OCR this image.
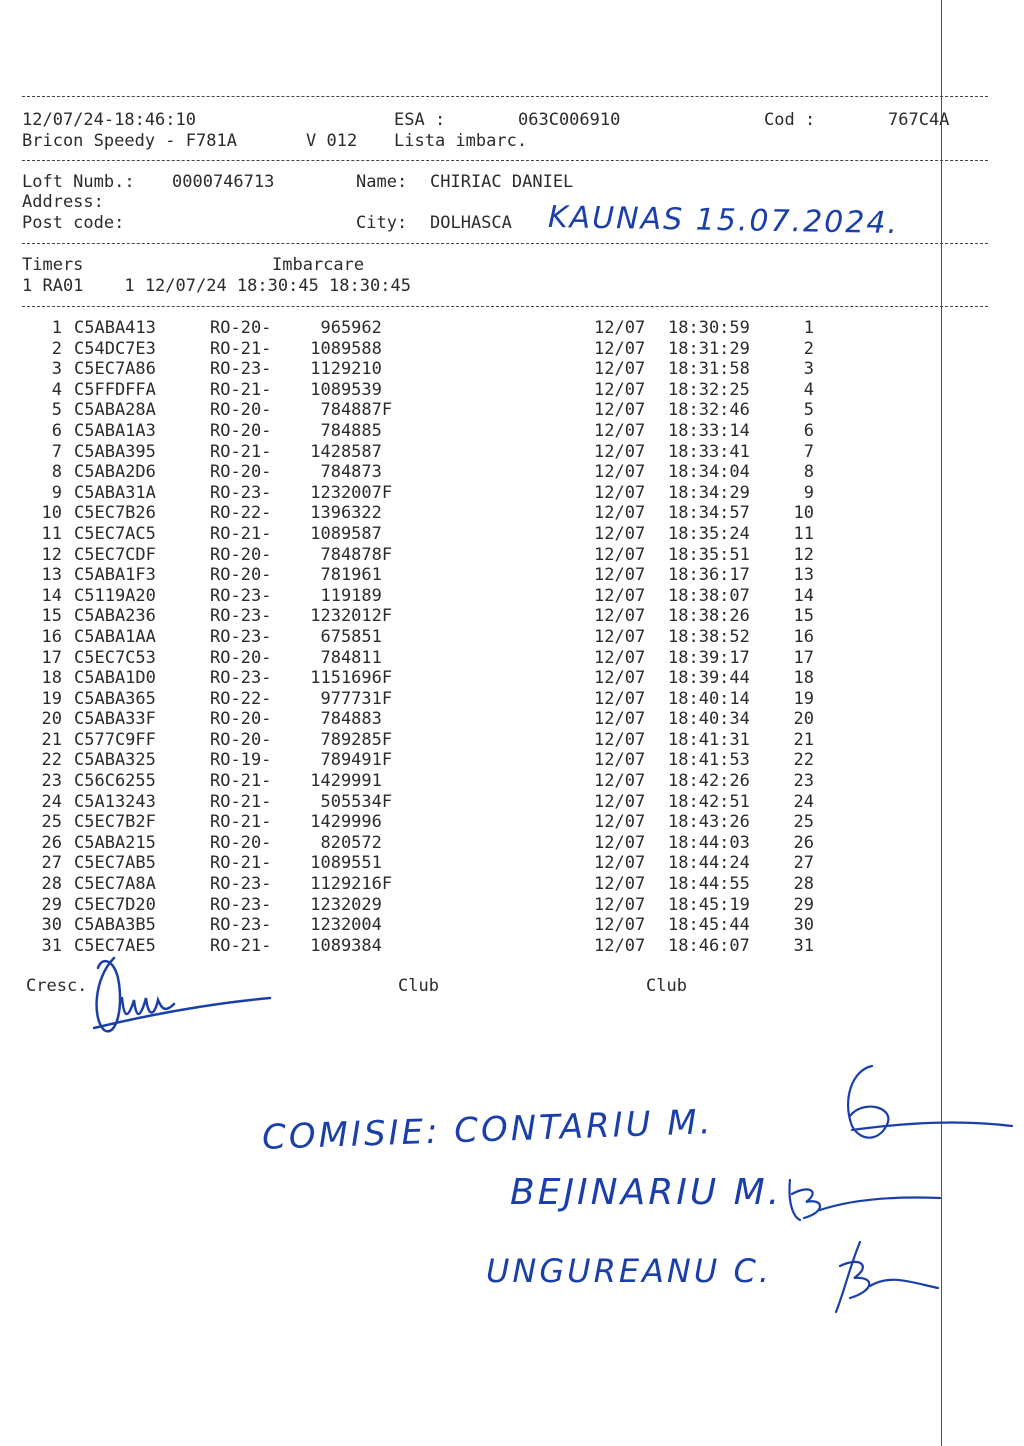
12/07/24-18:46:10	ESA :	063C006910	Cod :	767C4A
Bricon Speedy - F781A	V 012 Lista imbarc.
Loft Numb.: 0000746713	Name: CHIRIAC DANIEL
Address:
Post code:	City: DOLHASCA KAUNAS 15.07.2024.
Timers	Imbarcare
1 RA01    1 12/07/24 18:30:45 18:30:45
1 C5ABA413	RO-20- 965962	12/07 18:30:59	1
2 C54DC7E3	RO-21- 1089588	12/07 18:31:29	2
3 C5EC7A86	RO-23- 1129210	12/07 18:31:58	3
4 C5FFDFFA	RO-21- 1089539	12/07 18:32:25	4
5 C5ABA28A	RO-20- 784887F	12/07 18:32:46	5
6 C5ABA1A3	RO-20- 784885	12/07 18:33:14	6
7 C5ABA395	RO-21- 1428587	12/07 18:33:41	7
8 C5ABA2D6	RO-20- 784873	12/07 18:34:04	8
9 C5ABA31A	RO-23- 1232007F	12/07 18:34:29	9
10 C5EC7B26	RO-22- 1396322	12/07 18:34:57	10
11 C5EC7AC5	RO-21- 1089587	12/07 18:35:24	11
12 C5EC7CDF	RO-20- 784878F	12/07 18:35:51	12
13 C5ABA1F3	RO-20- 781961	12/07 18:36:17	13
14 C5119A20	RO-23- 119189	12/07 18:38:07	14
15 C5ABA236	RO-23- 1232012F	12/07 18:38:26	15
16 C5ABA1AA	RO-23- 675851	12/07 18:38:52	16
17 C5EC7C53	RO-20- 784811	12/07 18:39:17	17
18 C5ABA1D0	RO-23- 1151696F	12/07 18:39:44	18
19 C5ABA365	RO-22- 977731F	12/07 18:40:14	19
20 C5ABA33F	RO-20- 784883	12/07 18:40:34	20
21 C577C9FF	RO-20- 789285F	12/07 18:41:31	21
22 C5ABA325	RO-19- 789491F	12/07 18:41:53	22
23 C56C6255	RO-21- 1429991	12/07 18:42:26	23
24 C5A13243	RO-21- 505534F	12/07 18:42:51	24
25 C5EC7B2F	RO-21- 1429996	12/07 18:43:26	25
26 C5ABA215	RO-20- 820572	12/07 18:44:03	26
27 C5EC7AB5	RO-21- 1089551	12/07 18:44:24	27
28 C5EC7A8A	RO-23- 1129216F	12/07 18:44:55	28
29 C5EC7D20	RO-23- 1232029	12/07 18:45:19	29
30 C5ABA3B5	RO-23- 1232004	12/07 18:45:44	30
31 C5EC7AE5	RO-21- 1089384	12/07 18:46:07	31
Cresc.	Club	Club
COMISIE: CONTARIU M.
BEJINARIU M.
UNGUREANU C.
